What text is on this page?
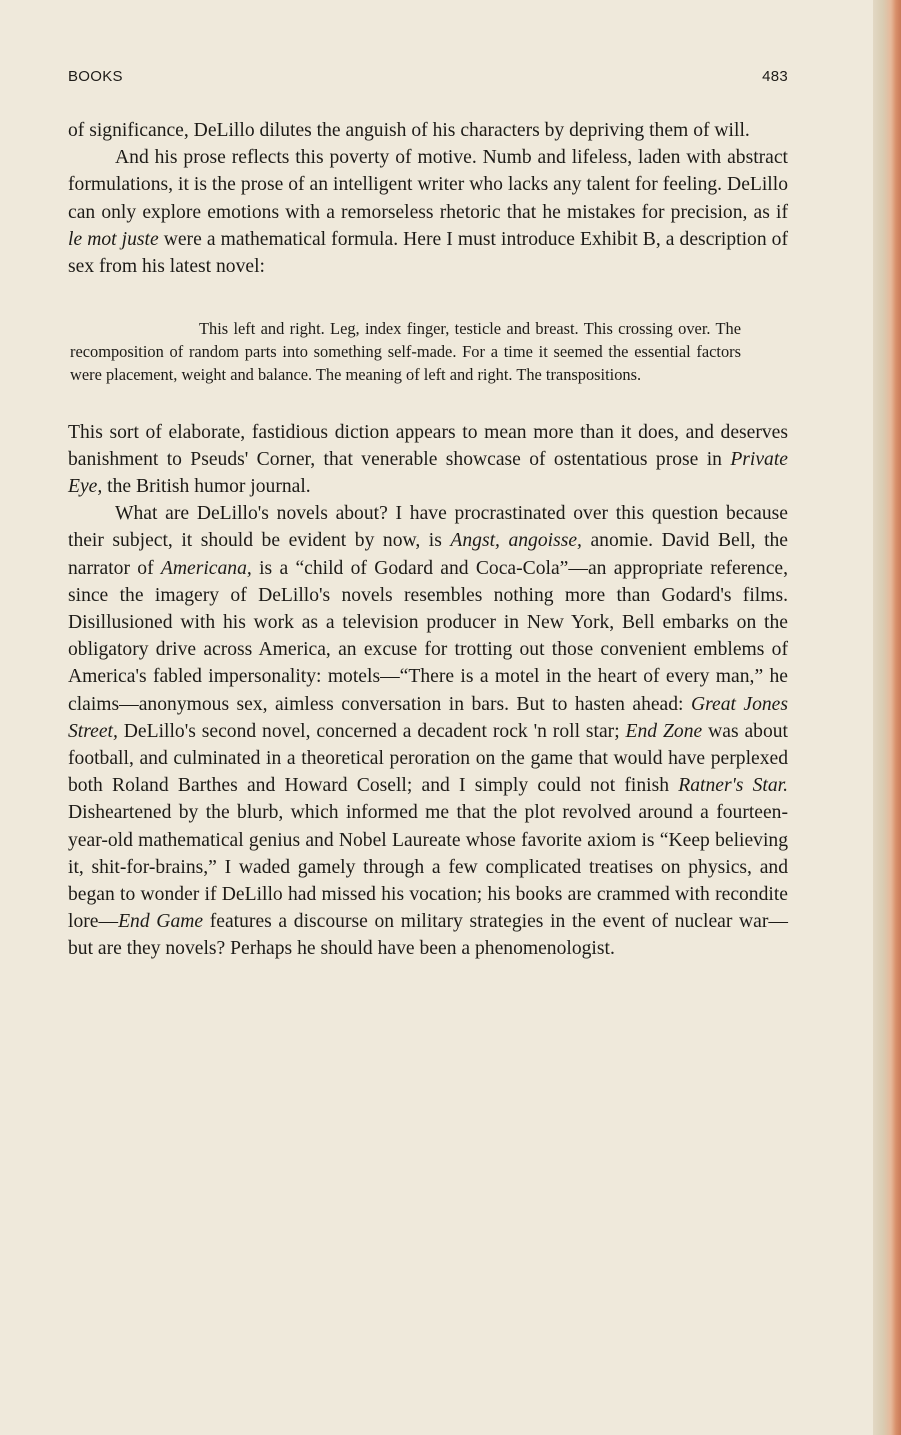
BOOKS	483

of significance, DeLillo dilutes the anguish of his characters by depriving them of will.

And his prose reflects this poverty of motive. Numb and lifeless, laden with abstract formulations, it is the prose of an intelligent writer who lacks any talent for feeling. DeLillo can only explore emotions with a remorseless rhetoric that he mistakes for precision, as if le mot juste were a mathematical formula. Here I must introduce Exhibit B, a description of sex from his latest novel:

This left and right. Leg, index finger, testicle and breast. This crossing over. The recomposition of random parts into something self-made. For a time it seemed the essential factors were placement, weight and balance. The meaning of left and right. The transpositions.

This sort of elaborate, fastidious diction appears to mean more than it does, and deserves banishment to Pseuds' Corner, that venerable showcase of ostentatious prose in Private Eye, the British humor journal.

What are DeLillo's novels about? I have procrastinated over this question because their subject, it should be evident by now, is Angst, angoisse, anomie. David Bell, the narrator of Americana, is a “child of Godard and Coca-Cola”—an appropriate reference, since the imagery of DeLillo's novels resembles nothing more than Godard's films. Disillusioned with his work as a television producer in New York, Bell embarks on the obligatory drive across America, an excuse for trotting out those convenient emblems of America's fabled impersonality: motels—“There is a motel in the heart of every man,” he claims—anonymous sex, aimless conversation in bars. But to hasten ahead: Great Jones Street, DeLillo's second novel, concerned a decadent rock 'n roll star; End Zone was about football, and culminated in a theoretical peroration on the game that would have perplexed both Roland Barthes and Howard Cosell; and I simply could not finish Ratner's Star. Disheartened by the blurb, which informed me that the plot revolved around a fourteen-year-old mathematical genius and Nobel Laureate whose favorite axiom is “Keep believing it, shit-for-brains,” I waded gamely through a few complicated treatises on physics, and began to wonder if DeLillo had missed his vocation; his books are crammed with recondite lore—End Game features a discourse on military strategies in the event of nuclear war—but are they novels? Perhaps he should have been a phenomenologist.
